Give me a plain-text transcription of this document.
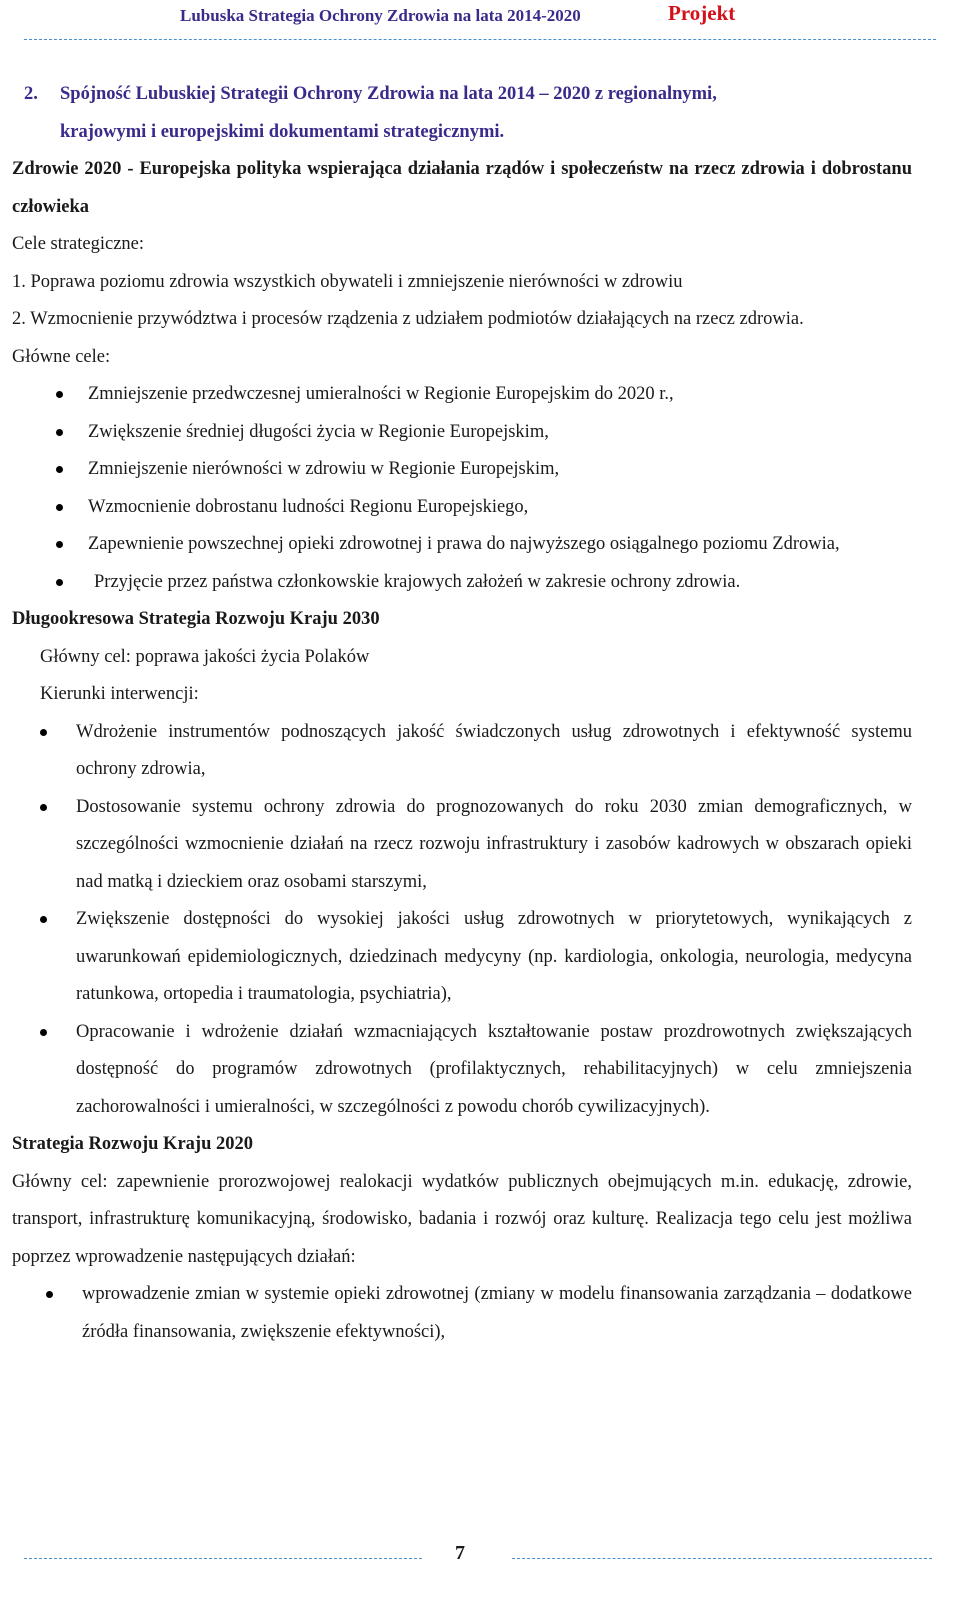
Lubuska Strategia Ochrony Zdrowia na lata 2014-2020	Projekt
2. Spójność Lubuskiej Strategii Ochrony Zdrowia na lata 2014 – 2020 z regionalnymi,
krajowymi i europejskimi dokumentami strategicznymi.

Zdrowie 2020 - Europejska polityka wspierająca działania rządów i społeczeństw na rzecz zdrowia i dobrostanu człowieka

Cele strategiczne:

1. Poprawa poziomu zdrowia wszystkich obywateli i zmniejszenie nierówności w zdrowiu

2. Wzmocnienie przywództwa i procesów rządzenia z udziałem podmiotów działających na rzecz zdrowia.

Główne cele:

Zmniejszenie przedwczesnej umieralności w Regionie Europejskim do 2020 r.,
Zwiększenie średniej długości życia w Regionie Europejskim,
Zmniejszenie nierówności w zdrowiu w Regionie Europejskim,
Wzmocnienie dobrostanu ludności Regionu Europejskiego,
Zapewnienie powszechnej opieki zdrowotnej i prawa do najwyższego osiągalnego poziomu Zdrowia,
Przyjęcie przez państwa członkowskie krajowych założeń w zakresie ochrony zdrowia.

Długookresowa Strategia Rozwoju Kraju 2030

Główny cel: poprawa jakości życia Polaków

Kierunki interwencji:

Wdrożenie instrumentów podnoszących jakość świadczonych usług zdrowotnych i efektywność systemu ochrony zdrowia,
Dostosowanie systemu ochrony zdrowia do prognozowanych do roku 2030 zmian demograficznych, w szczególności wzmocnienie działań na rzecz rozwoju infrastruktury i zasobów kadrowych w obszarach opieki nad matką i dzieckiem oraz osobami starszymi,
Zwiększenie dostępności do wysokiej jakości usług zdrowotnych w priorytetowych, wynikających z uwarunkowań epidemiologicznych, dziedzinach medycyny (np. kardiologia, onkologia, neurologia, medycyna ratunkowa, ortopedia i traumatologia, psychiatria),
Opracowanie i wdrożenie działań wzmacniających kształtowanie postaw prozdrowotnych zwiększających dostępność do programów zdrowotnych (profilaktycznych, rehabilitacyjnych) w celu zmniejszenia zachorowalności i umieralności, w szczególności z powodu chorób cywilizacyjnych).

Strategia Rozwoju Kraju 2020

Główny cel: zapewnienie prorozwojowej realokacji wydatków publicznych obejmujących m.in. edukację, zdrowie, transport, infrastrukturę komunikacyjną, środowisko, badania i rozwój oraz kulturę. Realizacja tego celu jest możliwa poprzez wprowadzenie następujących działań:

wprowadzenie zmian w systemie opieki zdrowotnej (zmiany w modelu finansowania zarządzania – dodatkowe źródła finansowania, zwiększenie efektywności),
7
